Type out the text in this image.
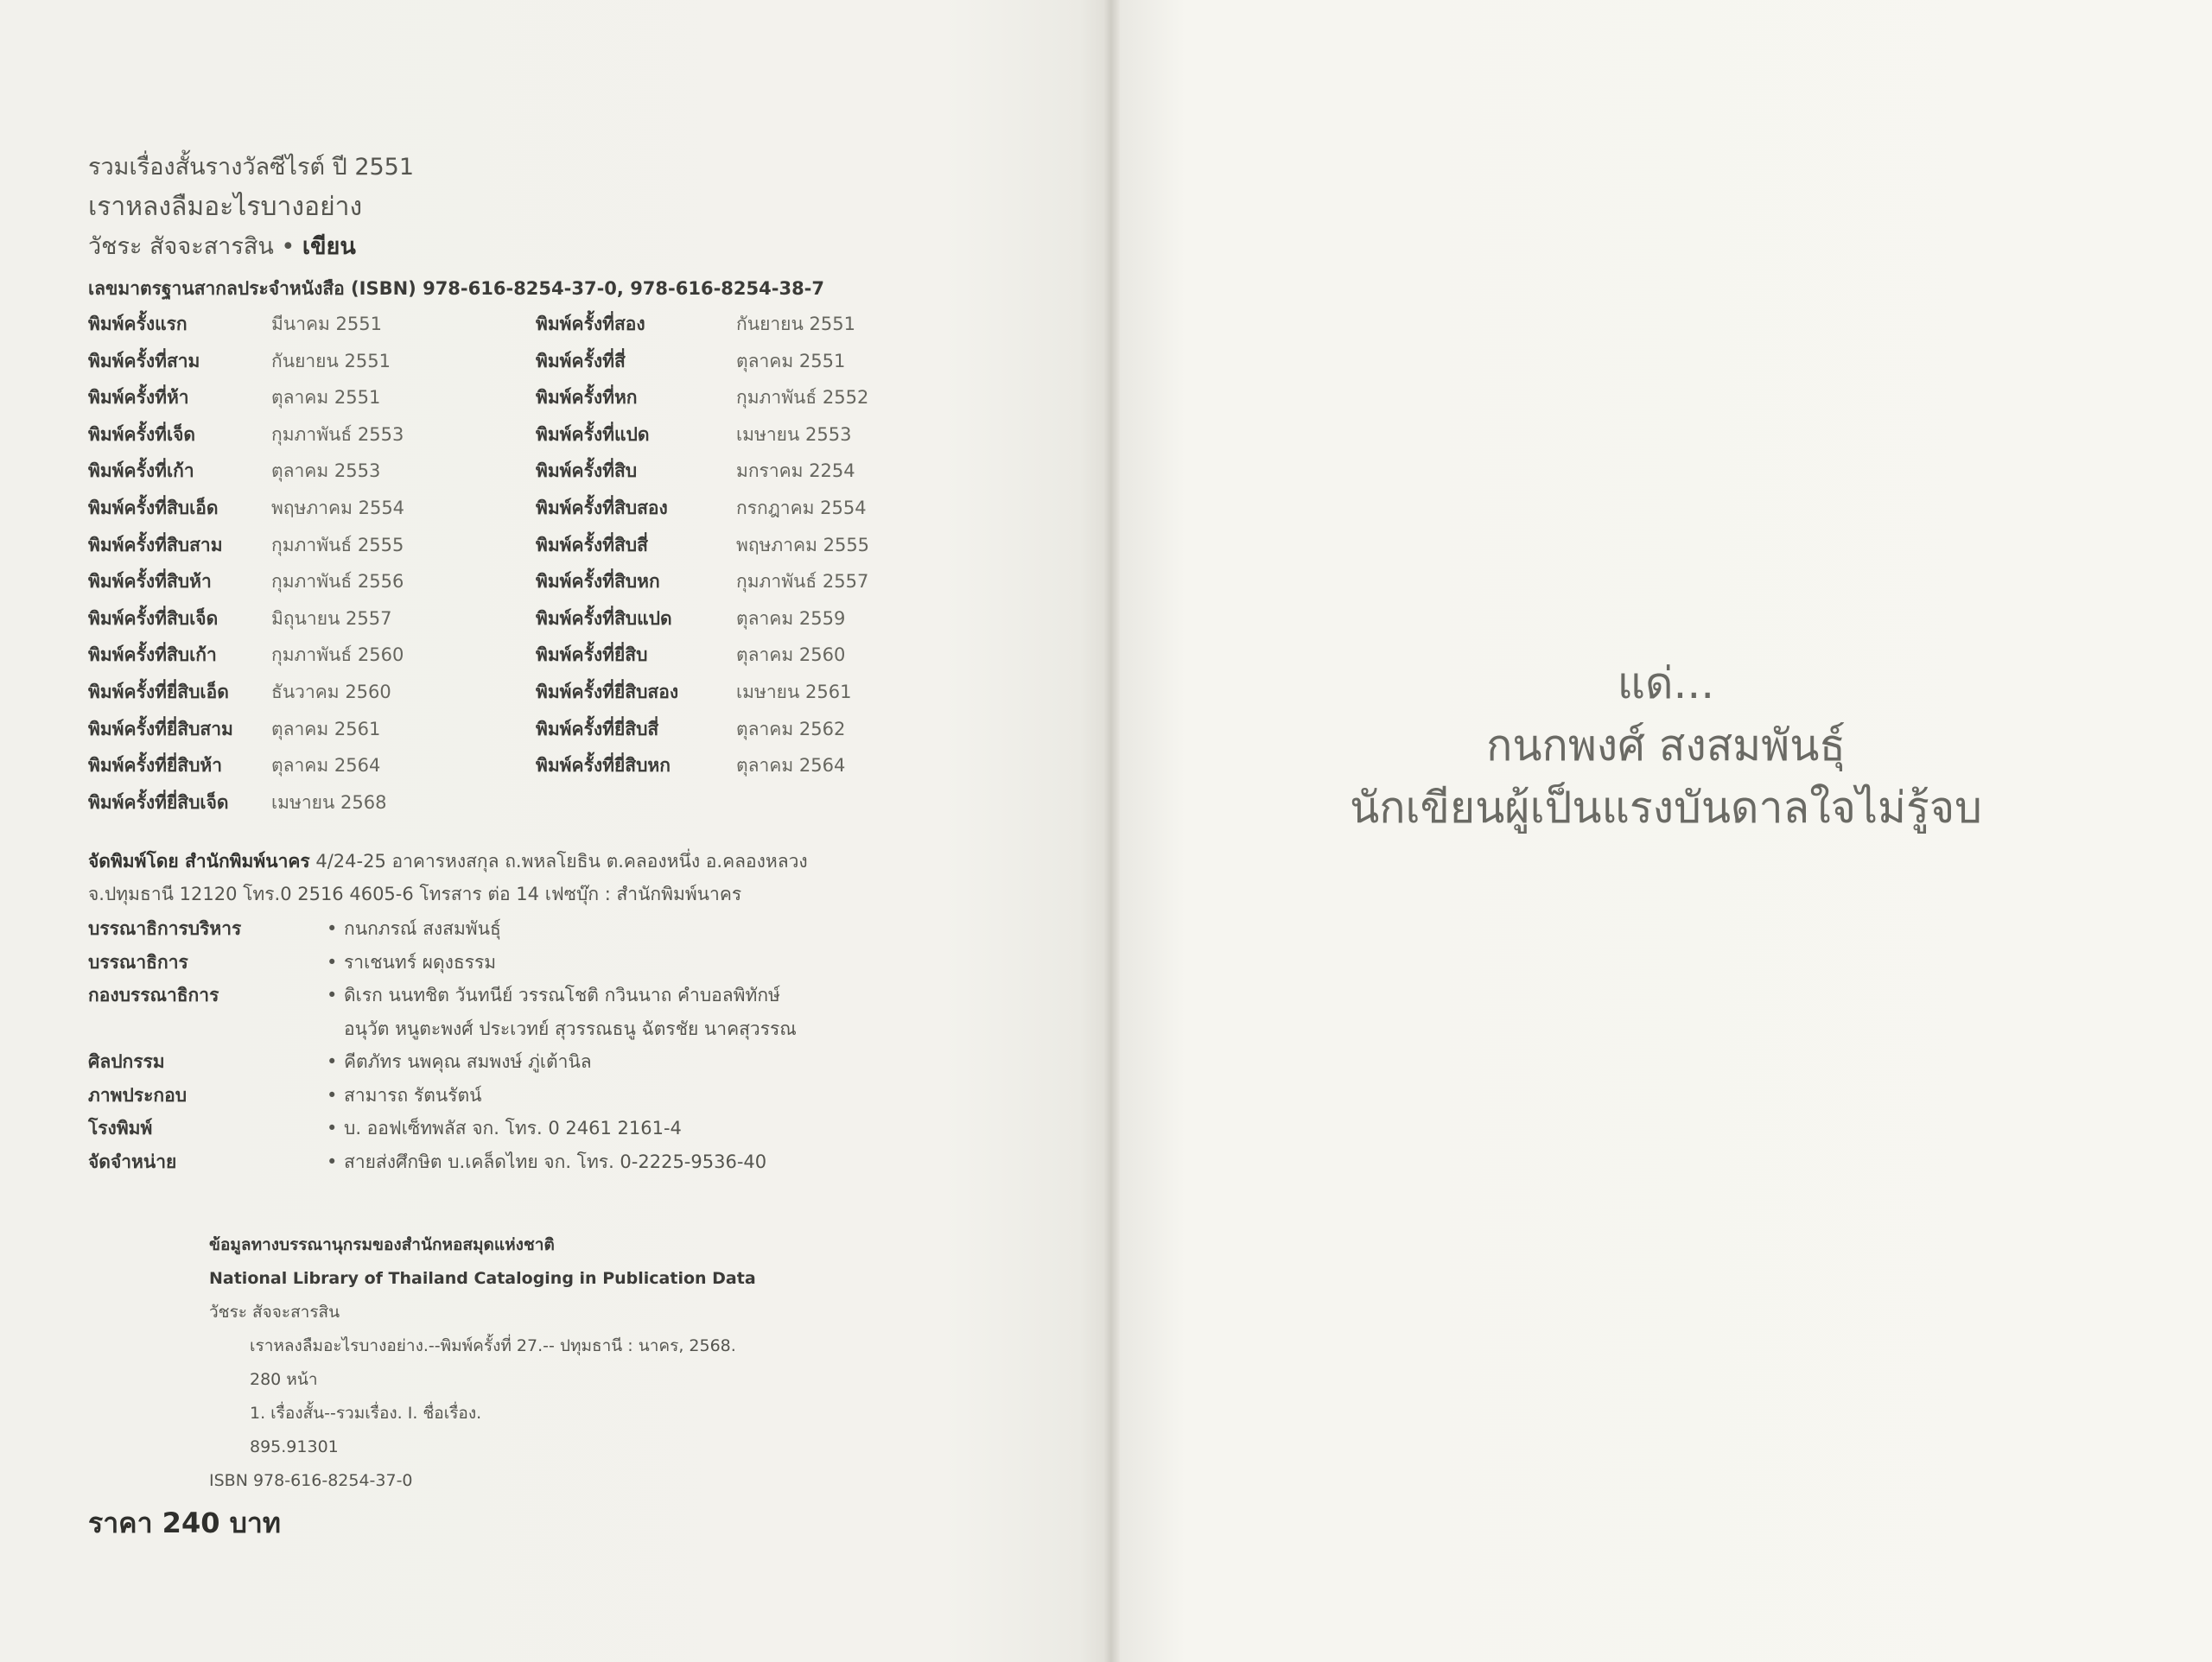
รวมเรื่องสั้นรางวัลซีไรต์ ปี 2551
เราหลงลืมอะไรบางอย่าง
วัชระ สัจจะสารสิน • เขียน
เลขมาตรฐานสากลประจำหนังสือ (ISBN) 978-616-8254-37-0, 978-616-8254-38-7
พิมพ์ครั้งแรก	มีนาคม 2551	พิมพ์ครั้งที่สอง	กันยายน 2551
พิมพ์ครั้งที่สาม	กันยายน 2551	พิมพ์ครั้งที่สี่	ตุลาคม 2551
พิมพ์ครั้งที่ห้า	ตุลาคม 2551	พิมพ์ครั้งที่หก	กุมภาพันธ์ 2552
พิมพ์ครั้งที่เจ็ด	กุมภาพันธ์ 2553	พิมพ์ครั้งที่แปด	เมษายน 2553
พิมพ์ครั้งที่เก้า	ตุลาคม 2553	พิมพ์ครั้งที่สิบ	มกราคม 2254
พิมพ์ครั้งที่สิบเอ็ด	พฤษภาคม 2554	พิมพ์ครั้งที่สิบสอง	กรกฎาคม 2554
พิมพ์ครั้งที่สิบสาม	กุมภาพันธ์ 2555	พิมพ์ครั้งที่สิบสี่	พฤษภาคม 2555
พิมพ์ครั้งที่สิบห้า	กุมภาพันธ์ 2556	พิมพ์ครั้งที่สิบหก	กุมภาพันธ์ 2557
พิมพ์ครั้งที่สิบเจ็ด	มิถุนายน 2557	พิมพ์ครั้งที่สิบแปด	ตุลาคม 2559
พิมพ์ครั้งที่สิบเก้า	กุมภาพันธ์ 2560	พิมพ์ครั้งที่ยี่สิบ	ตุลาคม 2560
พิมพ์ครั้งที่ยี่สิบเอ็ด	ธันวาคม 2560	พิมพ์ครั้งที่ยี่สิบสอง	เมษายน 2561
พิมพ์ครั้งที่ยี่สิบสาม	ตุลาคม 2561	พิมพ์ครั้งที่ยี่สิบสี่	ตุลาคม 2562
พิมพ์ครั้งที่ยี่สิบห้า	ตุลาคม 2564	พิมพ์ครั้งที่ยี่สิบหก	ตุลาคม 2564
พิมพ์ครั้งที่ยี่สิบเจ็ด	เมษายน 2568
จัดพิมพ์โดย สำนักพิมพ์นาคร 4/24-25 อาคารหงสกุล ถ.พหลโยธิน ต.คลองหนึ่ง อ.คลองหลวง
จ.ปทุมธานี 12120 โทร.0 2516 4605-6 โทรสาร ต่อ 14 เฟซบุ๊ก : สำนักพิมพ์นาคร
บรรณาธิการบริหาร	• กนกภรณ์ สงสมพันธุ์
บรรณาธิการ	• ราเชนทร์ ผดุงธรรม
กองบรรณาธิการ	• ดิเรก นนทชิต วันทนีย์ วรรณโชติ กวินนาถ คำบอลพิทักษ์
อนุวัต หนูตะพงศ์ ประเวทย์ สุวรรณธนู ฉัตรชัย นาคสุวรรณ
ศิลปกรรม	• คีตภัทร นพคุณ สมพงษ์ ภู่เต้านิล
ภาพประกอบ	• สามารถ รัตนรัตน์
โรงพิมพ์	• บ. ออฟเซ็ทพลัส จก. โทร. 0 2461 2161-4
จัดจำหน่าย	• สายส่งศึกษิต บ.เคล็ดไทย จก. โทร. 0-2225-9536-40
ข้อมูลทางบรรณานุกรมของสำนักหอสมุดแห่งชาติ
National Library of Thailand Cataloging in Publication Data
วัชระ สัจจะสารสิน
เราหลงลืมอะไรบางอย่าง.--พิมพ์ครั้งที่ 27.-- ปทุมธานี : นาคร, 2568.
280 หน้า
1. เรื่องสั้น--รวมเรื่อง. I. ชื่อเรื่อง.
895.91301
ISBN 978-616-8254-37-0
ราคา 240 บาท
แด่...
กนกพงศ์ สงสมพันธุ์
นักเขียนผู้เป็นแรงบันดาลใจไม่รู้จบ
